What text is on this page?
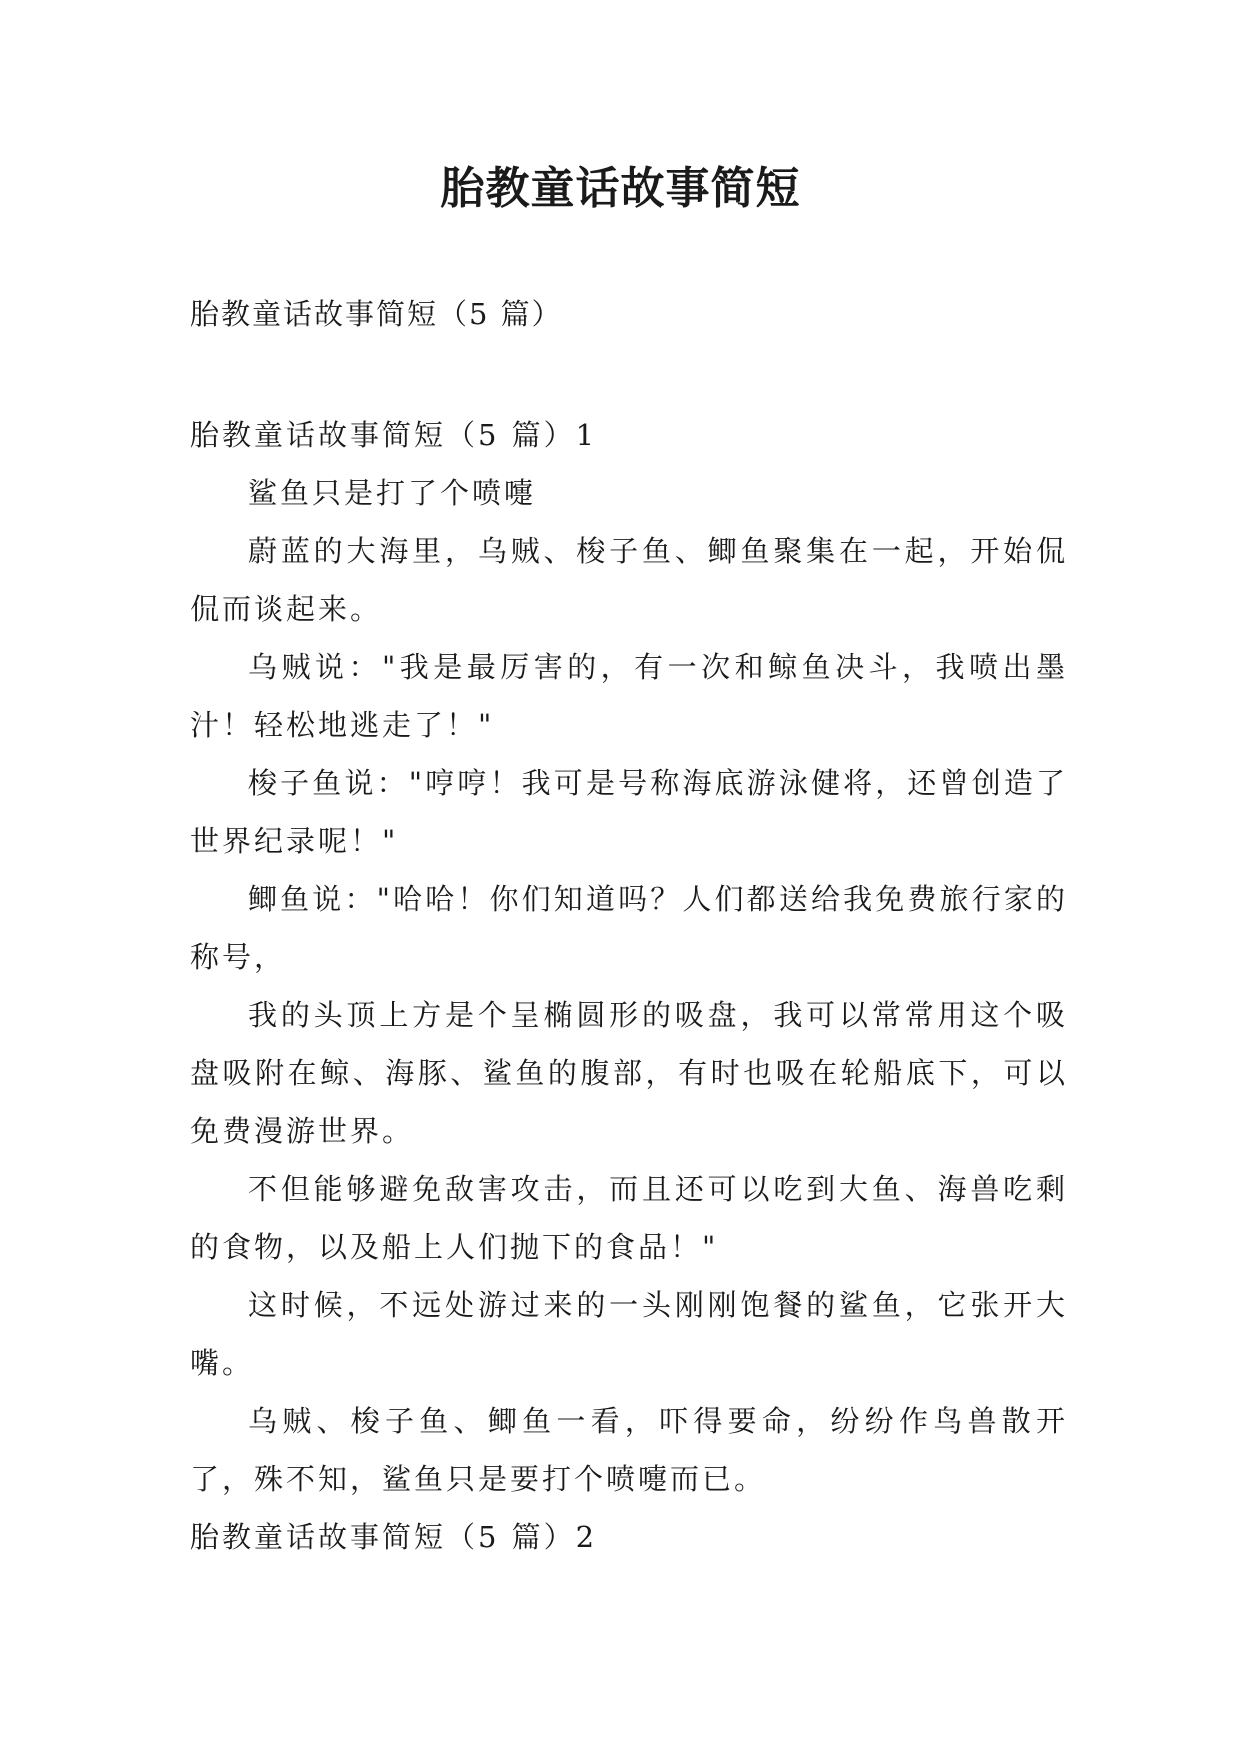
胎教童话故事简短

胎教童话故事简短（5 篇）

胎教童话故事简短（5 篇）1

鲨鱼只是打了个喷嚏

蔚蓝的大海里，乌贼、梭子鱼、鲫鱼聚集在一起，开始侃侃而谈起来。

乌贼说："我是最厉害的，有一次和鲸鱼决斗，我喷出墨汁！轻松地逃走了！"

梭子鱼说："哼哼！我可是号称海底游泳健将，还曾创造了世界纪录呢！"

鲫鱼说："哈哈！你们知道吗？人们都送给我免费旅行家的称号，

我的头顶上方是个呈椭圆形的吸盘，我可以常常用这个吸盘吸附在鲸、海豚、鲨鱼的腹部，有时也吸在轮船底下，可以免费漫游世界。

不但能够避免敌害攻击，而且还可以吃到大鱼、海兽吃剩的食物，以及船上人们抛下的食品！"

这时候，不远处游过来的一头刚刚饱餐的鲨鱼，它张开大嘴。

乌贼、梭子鱼、鲫鱼一看，吓得要命，纷纷作鸟兽散开了，殊不知，鲨鱼只是要打个喷嚏而已。

胎教童话故事简短（5 篇）2
